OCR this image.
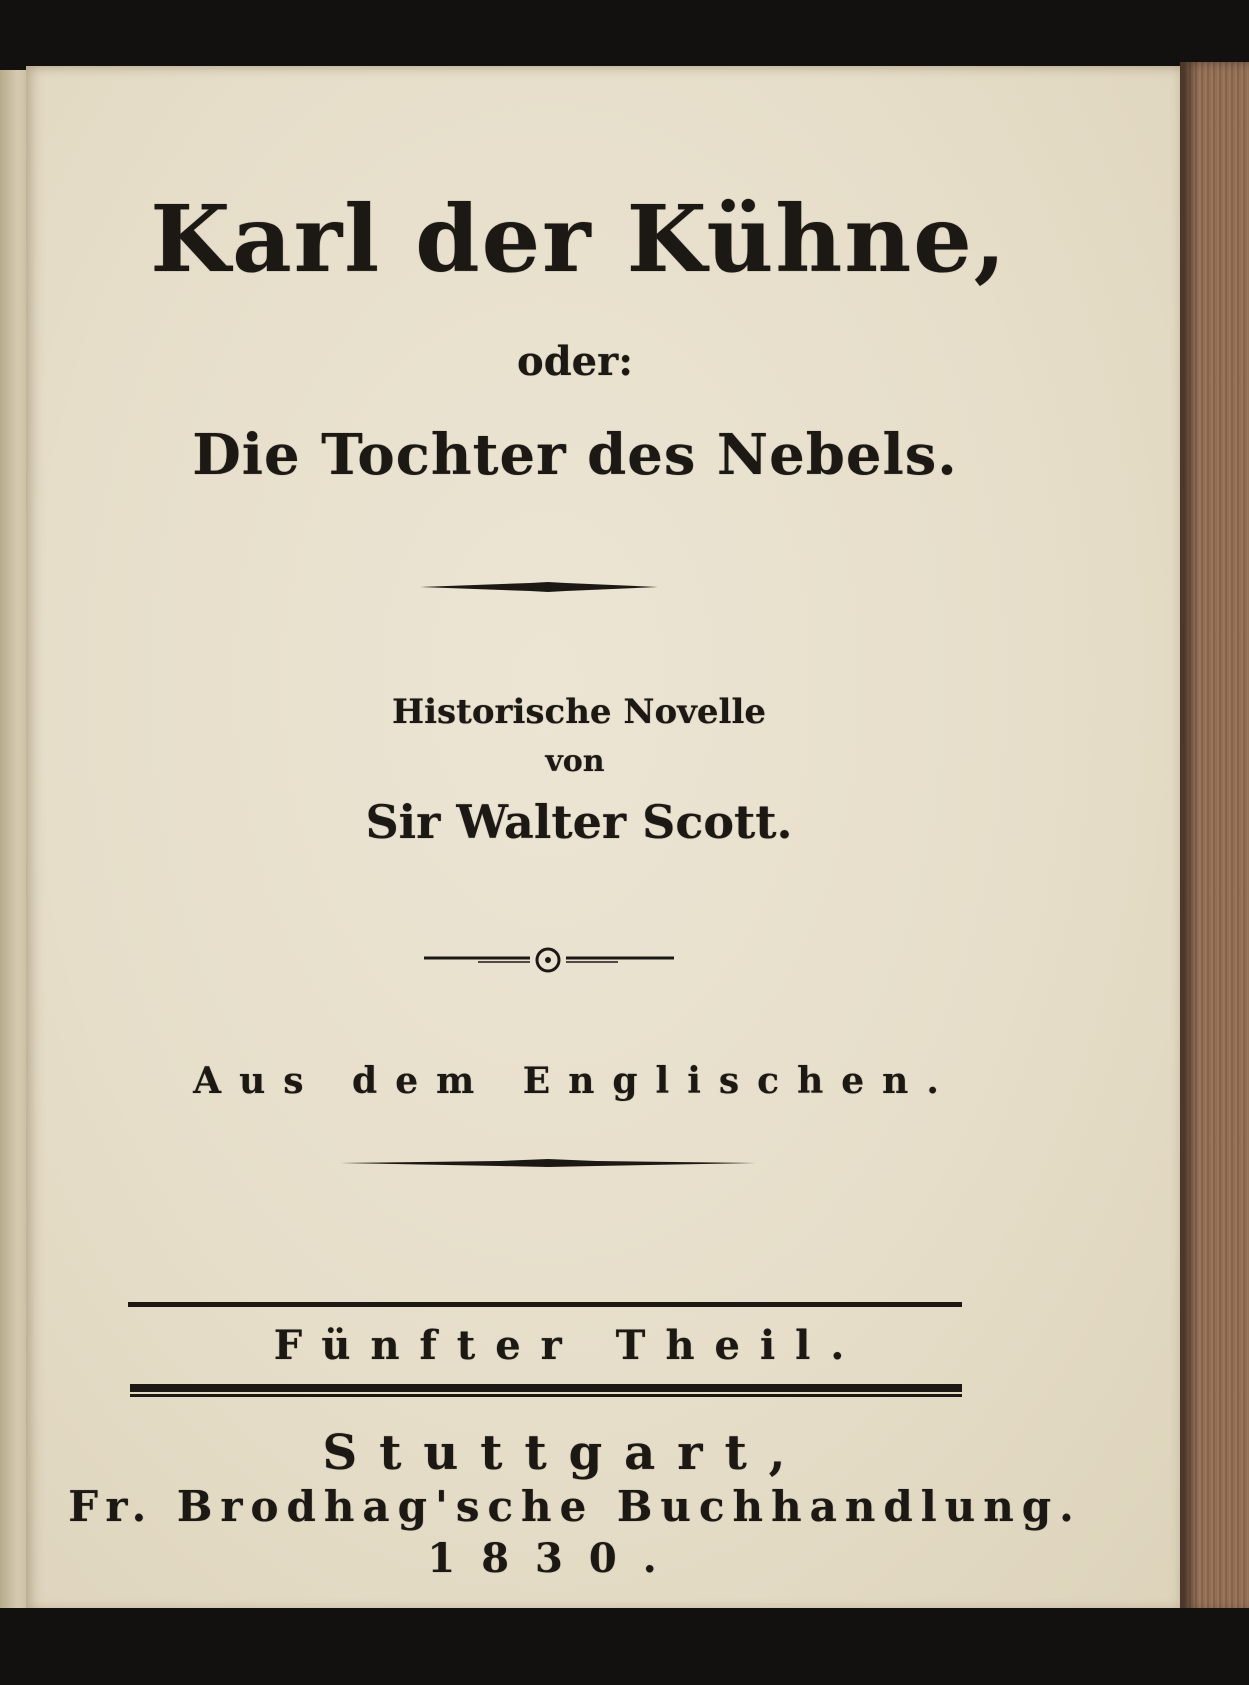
Karl der Kühne,
oder:
Die Tochter des Nebels.
Historische Novelle
von
Sir Walter Scott.
Aus dem Englischen.
Fünfter Theil.
Stuttgart,
Fr. Brodhag'sche Buchhandlung.
1830.
